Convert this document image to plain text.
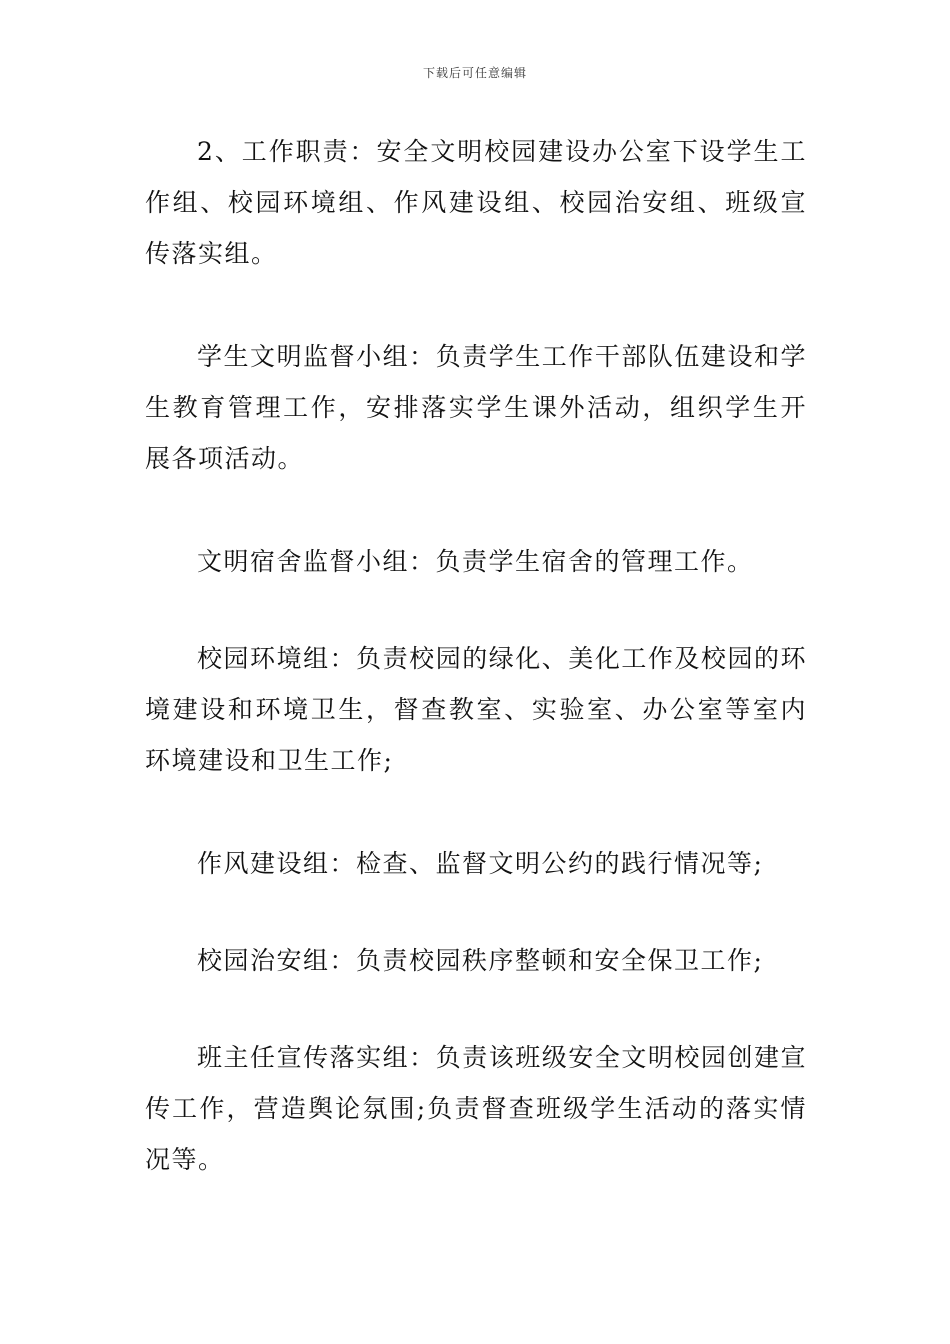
下载后可任意编辑

2、工作职责：安全文明校园建设办公室下设学生工作组、校园环境组、作风建设组、校园治安组、班级宣传落实组。

学生文明监督小组：负责学生工作干部队伍建设和学生教育管理工作，安排落实学生课外活动，组织学生开展各项活动。

文明宿舍监督小组：负责学生宿舍的管理工作。

校园环境组：负责校园的绿化、美化工作及校园的环境建设和环境卫生，督查教室、实验室、办公室等室内环境建设和卫生工作;

作风建设组：检查、监督文明公约的践行情况等;

校园治安组：负责校园秩序整顿和安全保卫工作;

班主任宣传落实组：负责该班级安全文明校园创建宣传工作，营造舆论氛围;负责督查班级学生活动的落实情况等。
